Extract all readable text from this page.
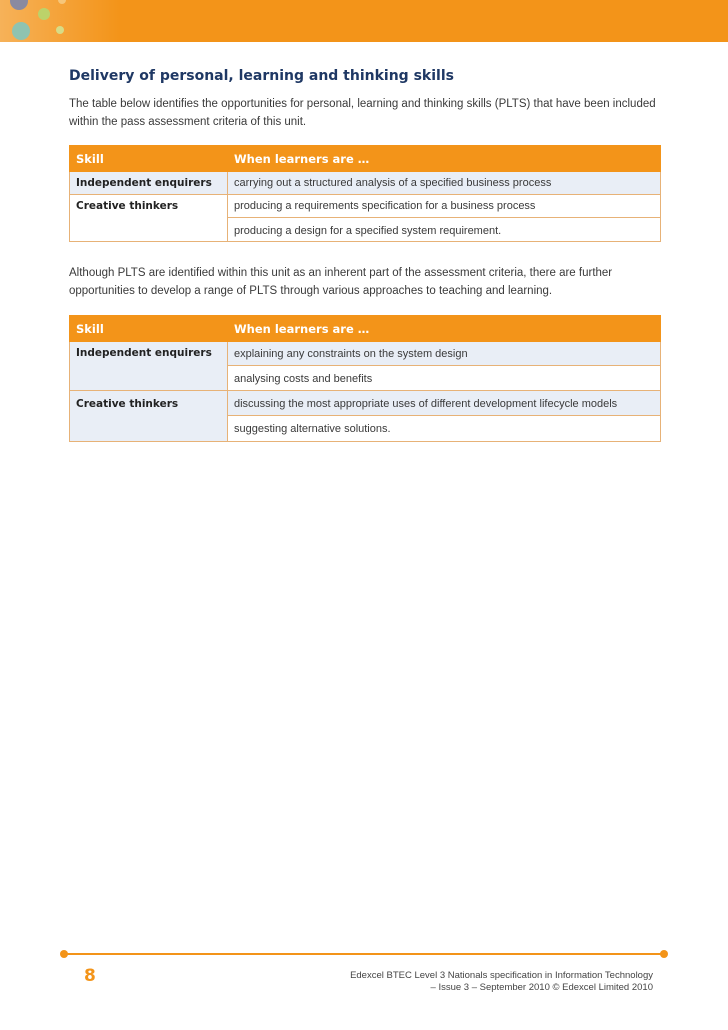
Delivery of personal, learning and thinking skills

The table below identifies the opportunities for personal, learning and thinking skills (PLTS) that have been included within the pass assessment criteria of this unit.

Skill	When learners are …
Independent enquirers	carrying out a structured analysis of a specified business process

Creative thinkers	producing a requirements specification for a business process
producing a design for a specified system requirement.

Although PLTS are identified within this unit as an inherent part of the assessment criteria, there are further opportunities to develop a range of PLTS through various approaches to teaching and learning.

Skill	When learners are …
Independent enquirers	explaining any constraints on the system design
analysing costs and benefits

Creative thinkers	discussing the most appropriate uses of different development lifecycle models
suggesting alternative solutions.
8	Edexcel BTEC Level 3 Nationals specification in Information Technology
– Issue 3 – September 2010 © Edexcel Limited 2010
